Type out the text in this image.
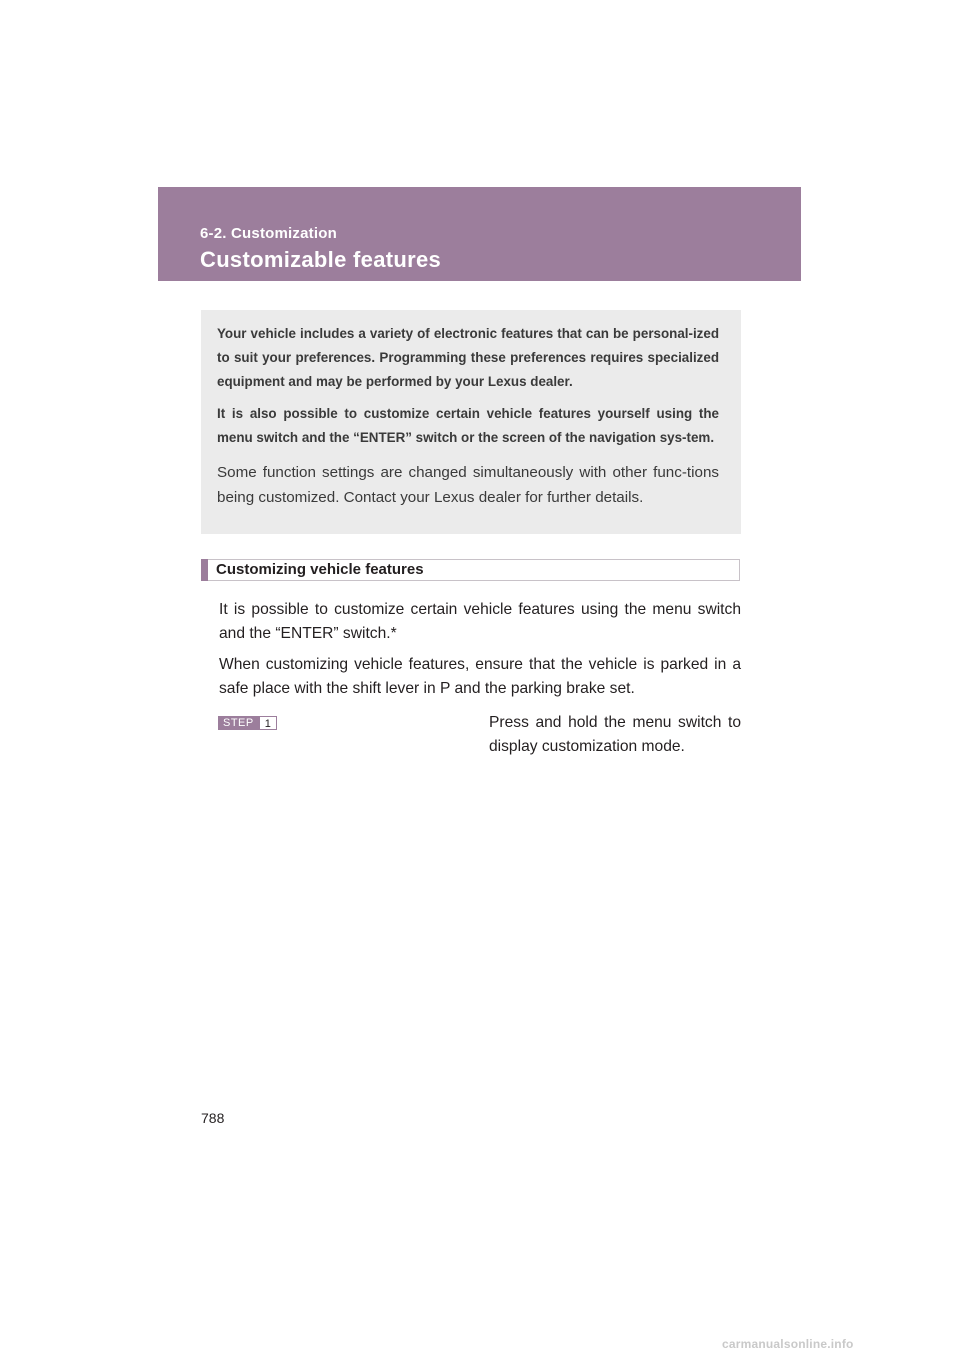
6-2. Customization
Customizable features

Your vehicle includes a variety of electronic features that can be personal-ized to suit your preferences. Programming these preferences requires specialized equipment and may be performed by your Lexus dealer.

It is also possible to customize certain vehicle features yourself using the menu switch and the “ENTER” switch or the screen of the navigation sys-tem.

Some function settings are changed simultaneously with other func-tions being customized. Contact your Lexus dealer for further details.

Customizing vehicle features

It is possible to customize certain vehicle features using the menu switch and the “ENTER” switch.*

When customizing vehicle features, ensure that the vehicle is parked in a safe place with the shift lever in P and the parking brake set.

STEP	1	Press and hold the menu switch to display customization mode.

788
carmanualsonline.info
